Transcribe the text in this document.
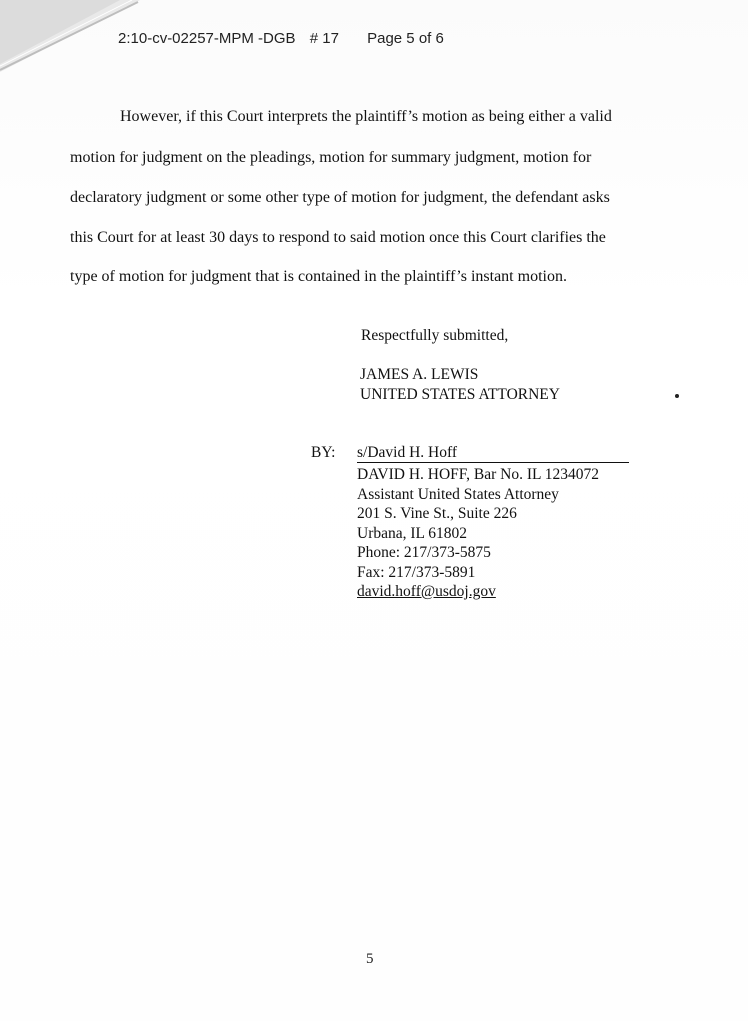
2:10-cv-02257-MPM -DGB # 17 Page 5 of 6
However, if this Court interprets the plaintiff’s motion as being either a valid
motion for judgment on the pleadings, motion for summary judgment, motion for
declaratory judgment or some other type of motion for judgment, the defendant asks
this Court for at least 30 days to respond to said motion once this Court clarifies the
type of motion for judgment that is contained in the plaintiff’s instant motion.
Respectfully submitted,
JAMES A. LEWIS
UNITED STATES ATTORNEY
BY: s/David H. Hoff
DAVID H. HOFF, Bar No. IL 1234072
Assistant United States Attorney
201 S. Vine St., Suite 226
Urbana, IL 61802
Phone: 217/373-5875
Fax: 217/373-5891
david.hoff@usdoj.gov
5
